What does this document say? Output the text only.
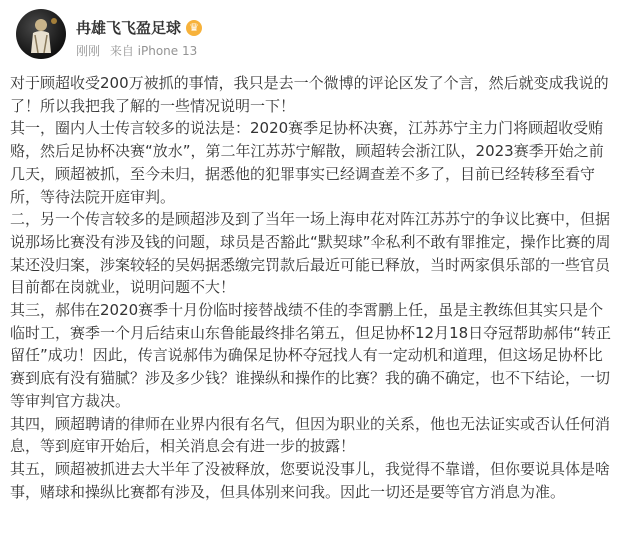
冉雄飞飞盈足球 ♛
刚刚 来自 iPhone 13

对于顾超收受200万被抓的事情，我只是去一个微博的评论区发了个言，然后就变成我说的了！所以我把我了解的一些情况说明一下！

其一，圈内人士传言较多的说法是：2020赛季足协杯决赛，江苏苏宁主力门将顾超收受贿赂，然后足协杯决赛“放水”，第二年江苏苏宁解散，顾超转会浙江队，2023赛季开始之前几天，顾超被抓，至今未归，据悉他的犯罪事实已经调查差不多了，目前已经转移至看守所，等待法院开庭审判。

二，另一个传言较多的是顾超涉及到了当年一场上海申花对阵江苏苏宁的争议比赛中，但据说那场比赛没有涉及钱的问题，球员是否豁此“默契球”伞私利不敢有罪推定，操作比赛的周某还没归案，涉案较轻的吴妈据悉缴完罚款后最近可能已释放，当时两家俱乐部的一些官员目前都在岗就业，说明问题不大！

其三，郝伟在2020赛季十月份临时接替战绩不佳的李霄鹏上任，虽是主教练但其实只是个临时工，赛季一个月后结束山东鲁能最终排名第五，但足协杯12月18日夺冠帮助郝伟“转正留任”成功！因此，传言说郝伟为确保足协杯夺冠找人有一定动机和道理，但这场足协杯比赛到底有没有猫腻？涉及多少钱？谁操纵和操作的比赛？我的确不确定，也不下结论，一切等审判官方裁决。

其四，顾超聘请的律师在业界内很有名气，但因为职业的关系，他也无法证实或否认任何消息，等到庭审开始后，相关消息会有进一步的披露！

其五，顾超被抓进去大半年了没被释放，您要说没事儿，我觉得不靠谱，但你要说具体是啥事，赌球和操纵比赛都有涉及，但具体别来问我。因此一切还是要等官方消息为准。
